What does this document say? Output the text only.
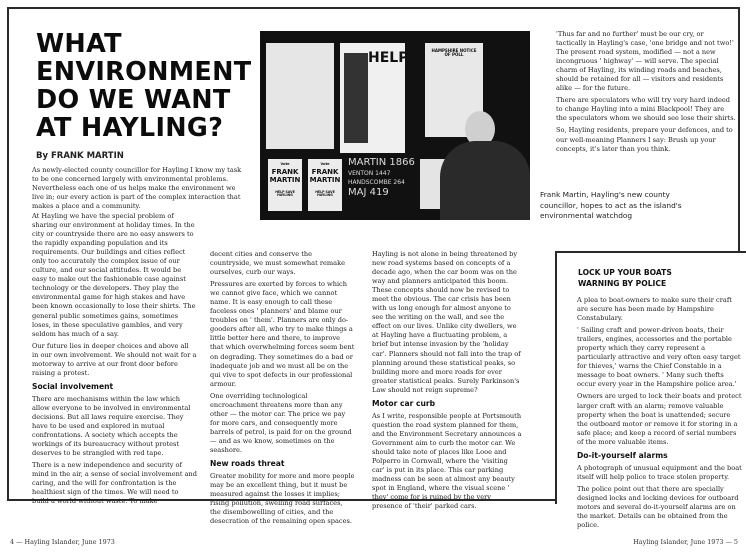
WHAT
ENVIRONMENT
DO WE WANT
AT HAYLING?
By FRANK MARTIN
As newly-elected county councillor for Hayling I know my task to be one concerned largely with environmental problems. Nevertheless each one of us helps make the environment we live in; our every action is part of the complex interaction that makes a place and a community.

At Hayling we have the special problem of sharing our environment at holiday times. In the city or countryside there are no easy answers to the rapidly expanding population and its requirements. Our buildings and cities reflect only too accurately the complex issue of our culture, and our social attitudes. It would be easy to make out the fashionable case against technology or the developers. They play the environmental game for high stakes and have been known occasionally to lose their shirts. The general public sometimes gains, sometimes loses, in these speculative gambles, and very seldom has much of a say.

Our future lies in deeper choices and above all in our own involvement. We should not wait for a motorway to arrive at our front door before raising a protest.

Social involvement

There are mechanisms within the law which allow everyone to be involved in environmental decisions. But all laws require exercise. They have to be used and explored in mutual confrontations. A society which accepts the workings of its bureaucracy without protest deserves to be strangled with red tape.

There is a new independence and security of mind in the air, a sense of social involvement and caring, and the will for confrontation is the healthiest sign of the times. We will need to build a world without waste. To make

HELP	HAMPSHIRE NOTICE OF POLL
Vote
FRANK
MARTIN
HELP SAVE HAYLING
Vote
FRANK
MARTIN
HELP SAVE HAYLING
MARTIN 1866
VENTON 1447
HANDSCOMBE 264
MAJ 419

decent cities and conserve the countryside, we must somewhat remake ourselves, curb our ways.

Pressures are exerted by forces to which we cannot give face, which we cannot name. It is easy enough to call these faceless ones ' planners' and blame our troubles on ' them'. Planners are only do-gooders after all, who try to make things a little better here and there, to improve that which overwhelming forces seem bent on degrading. They sometimes do a bad or inadequate job and we must all be on the qui vive to spot defects in our professional armour.

One overriding technological encroachment threatens more than any other — the motor car. The price we pay for more cars, and consequently more barrels of petrol, is paid for on the ground — and as we know, sometimes on the seashore.

New roads threat

Greater mobility for more and more people may be an excellent thing, but it must be measured against the losses it implies; rising pollution, swelling road surfaces, the disembowelling of cities, and the desecration of the remaining open spaces.

Hayling is not alone in being threatened by new road systems based on concepts of a decade ago, when the car boom was on the way and planners anticipated this boom. These concepts should now be revised to meet the obvious. The car crisis has been with us long enough for almost anyone to see the writing on the wall, and see the effect on our lives. Unlike city dwellers, we at Hayling have a fluctuating problem, a brief but intense invasion by the 'holiday car'. Planners should not fall into the trap of planning around these statistical peaks, so building more and more roads for ever greater statistical peaks. Surely Parkinson's Law should not reign supreme?

Motor car curb

As I write, responsible people at Portsmouth question the road system planned for them, and the Environment Secretary announces a Government aim to curb the motor car. We should take note of places like Looe and Polperro in Cornwall, where the 'visiting car' is put in its place. This car parking madness can be seen at almost any beauty spot in England, where the visual scene ' they' come for is ruined by the very presence of 'their' parked cars.

'Thus far and no further' must be our cry, or tactically in Hayling's case, 'one bridge and not two!' The present road system, modified — not a new incongruous ' highway' — will serve. The special charm of Hayling, its winding roads and beaches, should be retained for all — visitors and residents alike — for the future.

There are speculators who will try very hard indeed to change Hayling into a mini Blackpool! They are the speculators whom we should see lose their shirts.

So, Hayling residents, prepare your defences, and to our well-meaning Planners I say: Brush up your concepts, it's later than you think.

Frank Martin, Hayling's new county councillor, hopes to act as the island's environmental watchdog
LOCK UP YOUR BOATS
WARNING BY POLICE

A plea to boat-owners to make sure their craft are secure has been made by Hampshire Constabulary.

' Sailing craft and power-driven boats, their trailers, engines, accessories and the portable property which they carry represent a particularly attractive and very often easy target for thieves,' warns the Chief Constable in a message to boat owners. ' Many such thefts occur every year in the Hampshire police area.'

Owners are urged to lock their boats and protect larger craft with an alarm; remove valuable property when the boat is unattended; secure the outboard motor or remove it for storing in a safe place; and keep a record of serial numbers of the more valuable items.

Do-it-yourself alarms

A photograph of unusual equipment and the boat itself will help police to trace stolen property.

The police point out that there are specially designed locks and locking devices for outboard motors and several do-it-yourself alarms are on the market. Details can be obtained from the police.

4 — Hayling Islander, June 1973	Hayling Islander, June 1973 — 5
